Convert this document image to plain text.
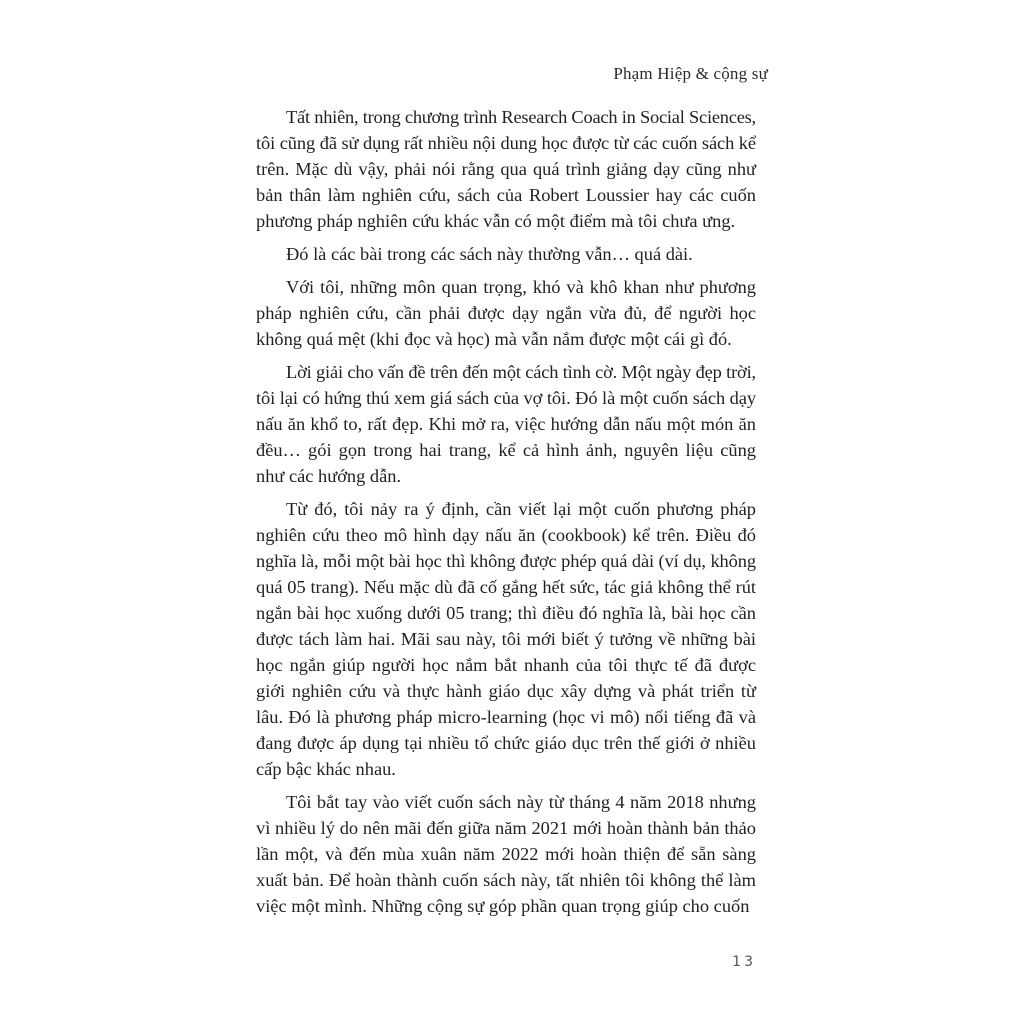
Phạm Hiệp & cộng sự
Tất nhiên, trong chương trình Research Coach in Social Sciences,
tôi cũng đã sử dụng rất nhiều nội dung học được từ các cuốn sách kể
trên. Mặc dù vậy, phải nói rằng qua quá trình giảng dạy cũng như
bản thân làm nghiên cứu, sách của Robert Loussier hay các cuốn
phương pháp nghiên cứu khác vẫn có một điểm mà tôi chưa ưng.
Đó là các bài trong các sách này thường vẫn… quá dài.
Với tôi, những môn quan trọng, khó và khô khan như phương
pháp nghiên cứu, cần phải được dạy ngắn vừa đủ, để người học
không quá mệt (khi đọc và học) mà vẫn nắm được một cái gì đó.
Lời giải cho vấn đề trên đến một cách tình cờ. Một ngày đẹp trời,
tôi lại có hứng thú xem giá sách của vợ tôi. Đó là một cuốn sách dạy
nấu ăn khổ to, rất đẹp. Khi mở ra, việc hướng dẫn nấu một món ăn
đều… gói gọn trong hai trang, kể cả hình ảnh, nguyên liệu cũng
như các hướng dẫn.
Từ đó, tôi nảy ra ý định, cần viết lại một cuốn phương pháp
nghiên cứu theo mô hình dạy nấu ăn (cookbook) kể trên. Điều đó
nghĩa là, mỗi một bài học thì không được phép quá dài (ví dụ, không
quá 05 trang). Nếu mặc dù đã cố gắng hết sức, tác giả không thể rút
ngắn bài học xuống dưới 05 trang; thì điều đó nghĩa là, bài học cần
được tách làm hai. Mãi sau này, tôi mới biết ý tưởng về những bài
học ngắn giúp người học nắm bắt nhanh của tôi thực tế đã được
giới nghiên cứu và thực hành giáo dục xây dựng và phát triển từ
lâu. Đó là phương pháp micro-learning (học vi mô) nổi tiếng đã và
đang được áp dụng tại nhiều tổ chức giáo dục trên thế giới ở nhiều
cấp bậc khác nhau.
Tôi bắt tay vào viết cuốn sách này từ tháng 4 năm 2018 nhưng
vì nhiều lý do nên mãi đến giữa năm 2021 mới hoàn thành bản thảo
lần một, và đến mùa xuân năm 2022 mới hoàn thiện để sẵn sàng
xuất bản. Để hoàn thành cuốn sách này, tất nhiên tôi không thể làm
việc một mình. Những cộng sự góp phần quan trọng giúp cho cuốn
13
